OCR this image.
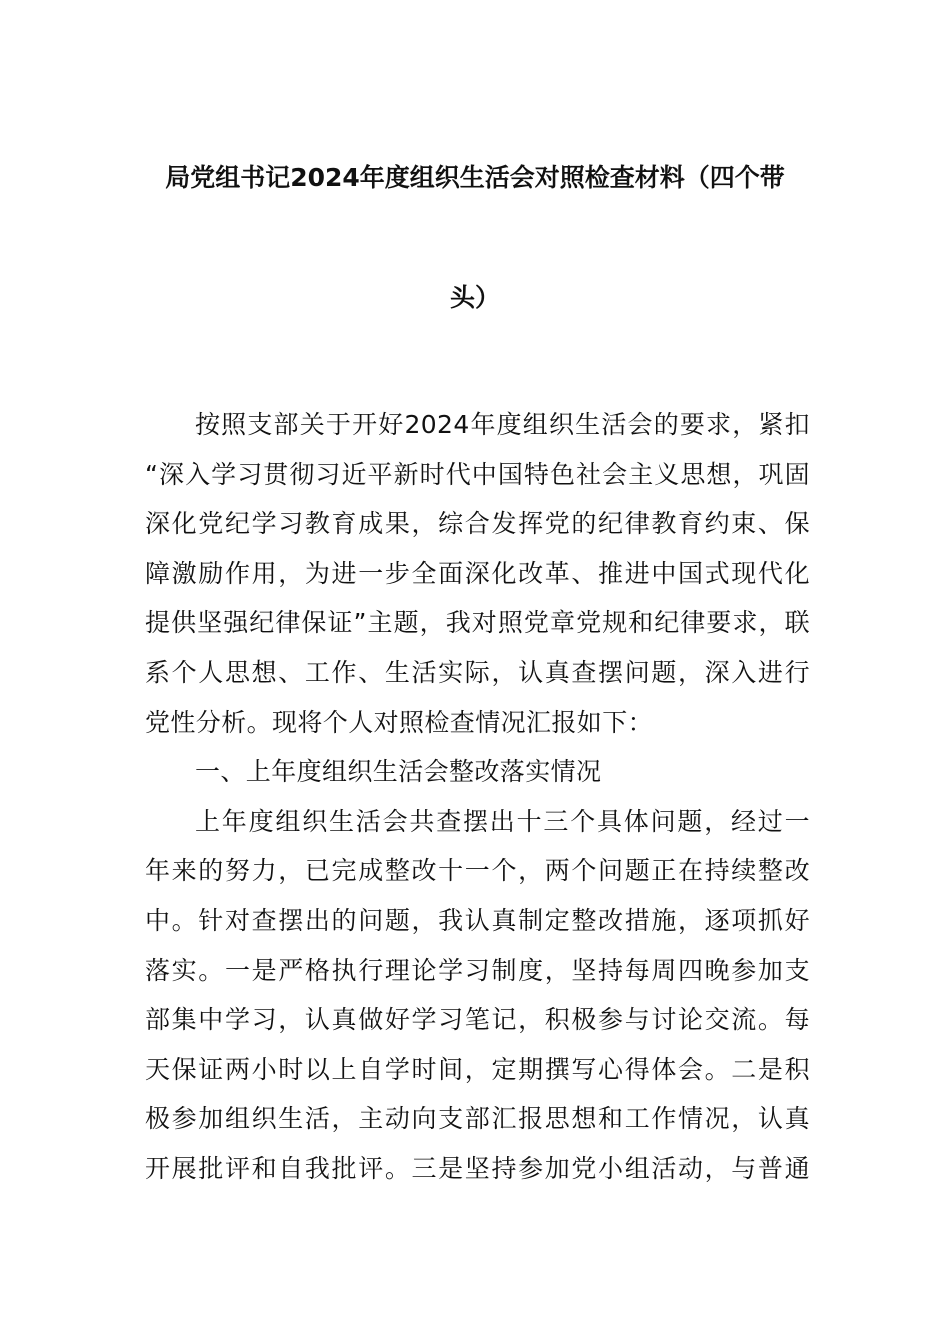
局党组书记2024年度组织生活会对照检查材料（四个带
头）
按照支部关于开好2024年度组织生活会的要求，紧扣
“深入学习贯彻习近平新时代中国特色社会主义思想，巩固
深化党纪学习教育成果，综合发挥党的纪律教育约束、保
障激励作用，为进一步全面深化改革、推进中国式现代化
提供坚强纪律保证”主题，我对照党章党规和纪律要求，联
系个人思想、工作、生活实际，认真查摆问题，深入进行
党性分析。现将个人对照检查情况汇报如下：
一、上年度组织生活会整改落实情况
上年度组织生活会共查摆出十三个具体问题，经过一
年来的努力，已完成整改十一个，两个问题正在持续整改
中。针对查摆出的问题，我认真制定整改措施，逐项抓好
落实。一是严格执行理论学习制度，坚持每周四晚参加支
部集中学习，认真做好学习笔记，积极参与讨论交流。每
天保证两小时以上自学时间，定期撰写心得体会。二是积
极参加组织生活，主动向支部汇报思想和工作情况，认真
开展批评和自我批评。三是坚持参加党小组活动，与普通
